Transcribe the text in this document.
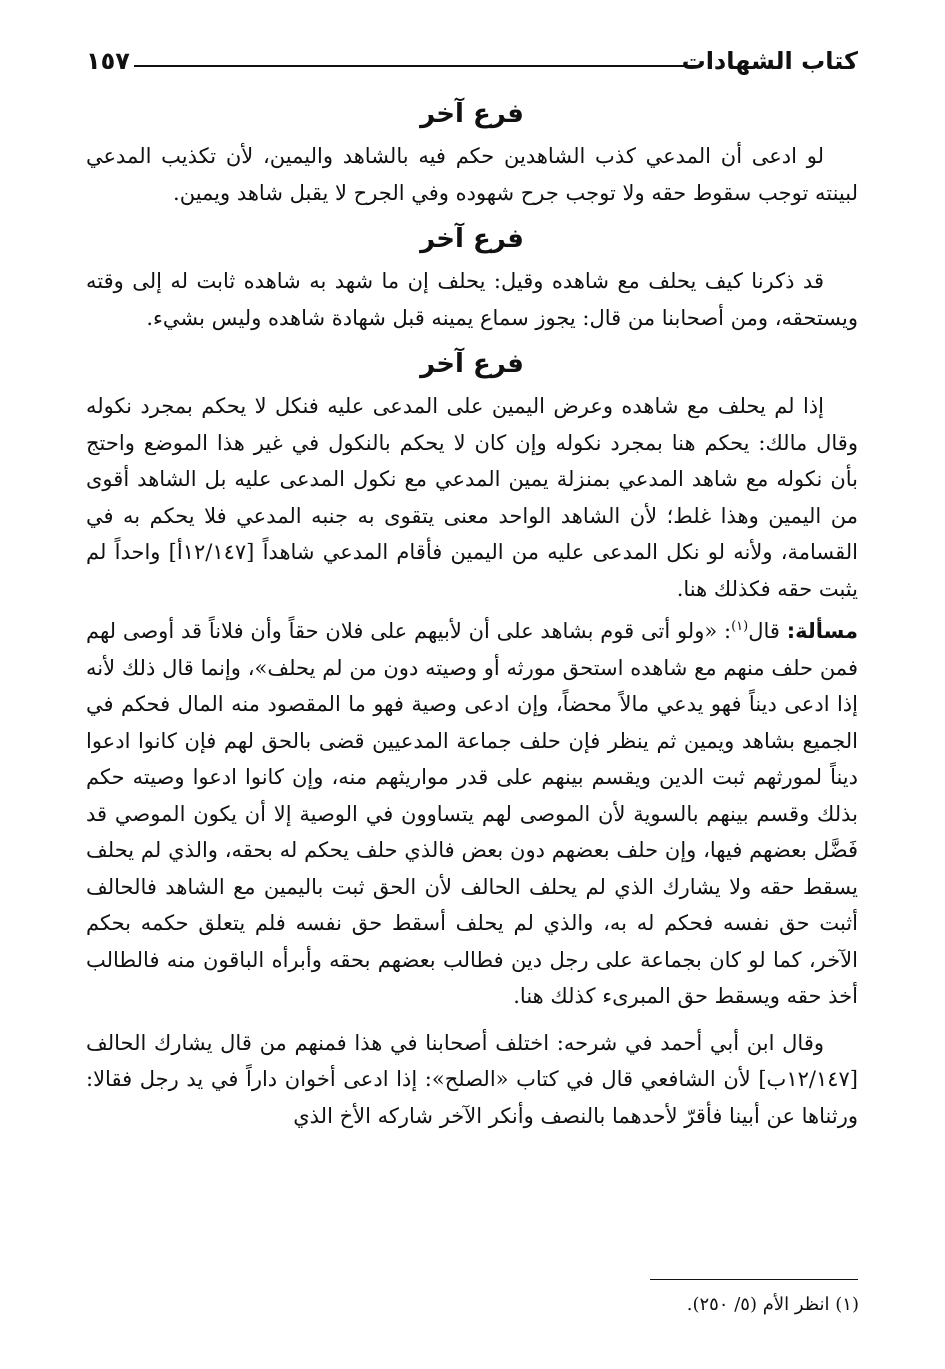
١٥٧	كتاب الشهادات
فرع آخر

لو ادعى أن المدعي كذب الشاهدين حكم فيه بالشاهد واليمين، لأن تكذيب المدعي لبينته توجب سقوط حقه ولا توجب جرح شهوده وفي الجرح لا يقبل شاهد ويمين.

فرع آخر

قد ذكرنا كيف يحلف مع شاهده وقيل: يحلف إن ما شهد به شاهده ثابت له إلى وقته ويستحقه، ومن أصحابنا من قال: يجوز سماع يمينه قبل شهادة شاهده وليس بشيء.

فرع آخر

إذا لم يحلف مع شاهده وعرض اليمين على المدعى عليه فنكل لا يحكم بمجرد نكوله وقال مالك: يحكم هنا بمجرد نكوله وإن كان لا يحكم بالنكول في غير هذا الموضع واحتج بأن نكوله مع شاهد المدعي بمنزلة يمين المدعي مع نكول المدعى عليه بل الشاهد أقوى من اليمين وهذا غلط؛ لأن الشاهد الواحد معنى يتقوى به جنبه المدعي فلا يحكم به في القسامة، ولأنه لو نكل المدعى عليه من اليمين فأقام المدعي شاهداً [١٢/١٤٧أ] واحداً لم يثبت حقه فكذلك هنا.

مسألة: قال$^{(١)}$: «ولو أتى قوم بشاهد على أن لأبيهم على فلان حقاً وأن فلاناً قد أوصى لهم فمن حلف منهم مع شاهده استحق مورثه أو وصيته دون من لم يحلف»، وإنما قال ذلك لأنه إذا ادعى ديناً فهو يدعي مالاً محضاً، وإن ادعى وصية فهو ما المقصود منه المال فحكم في الجميع بشاهد ويمين ثم ينظر فإن حلف جماعة المدعيين قضى بالحق لهم فإن كانوا ادعوا ديناً لمورثهم ثبت الدين ويقسم بينهم على قدر مواريثهم منه، وإن كانوا ادعوا وصيته حكم بذلك وقسم بينهم بالسوية لأن الموصى لهم يتساوون في الوصية إلا أن يكون الموصي قد فَضَّل بعضهم فيها، وإن حلف بعضهم دون بعض فالذي حلف يحكم له بحقه، والذي لم يحلف يسقط حقه ولا يشارك الذي لم يحلف الحالف لأن الحق ثبت باليمين مع الشاهد فالحالف أثبت حق نفسه فحكم له به، والذي لم يحلف أسقط حق نفسه فلم يتعلق حكمه بحكم الآخر، كما لو كان بجماعة على رجل دين فطالب بعضهم بحقه وأبرأه الباقون منه فالطالب أخذ حقه ويسقط حق المبرىء كذلك هنا.

وقال ابن أبي أحمد في شرحه: اختلف أصحابنا في هذا فمنهم من قال يشارك الحالف [١٢/١٤٧ب] لأن الشافعي قال في كتاب «الصلح»: إذا ادعى أخوان داراً في يد رجل فقالا: ورثناها عن أبينا فأقرّ لأحدهما بالنصف وأنكر الآخر شاركه الأخ الذي

(١) انظر الأم (٥/ ٢٥٠).
